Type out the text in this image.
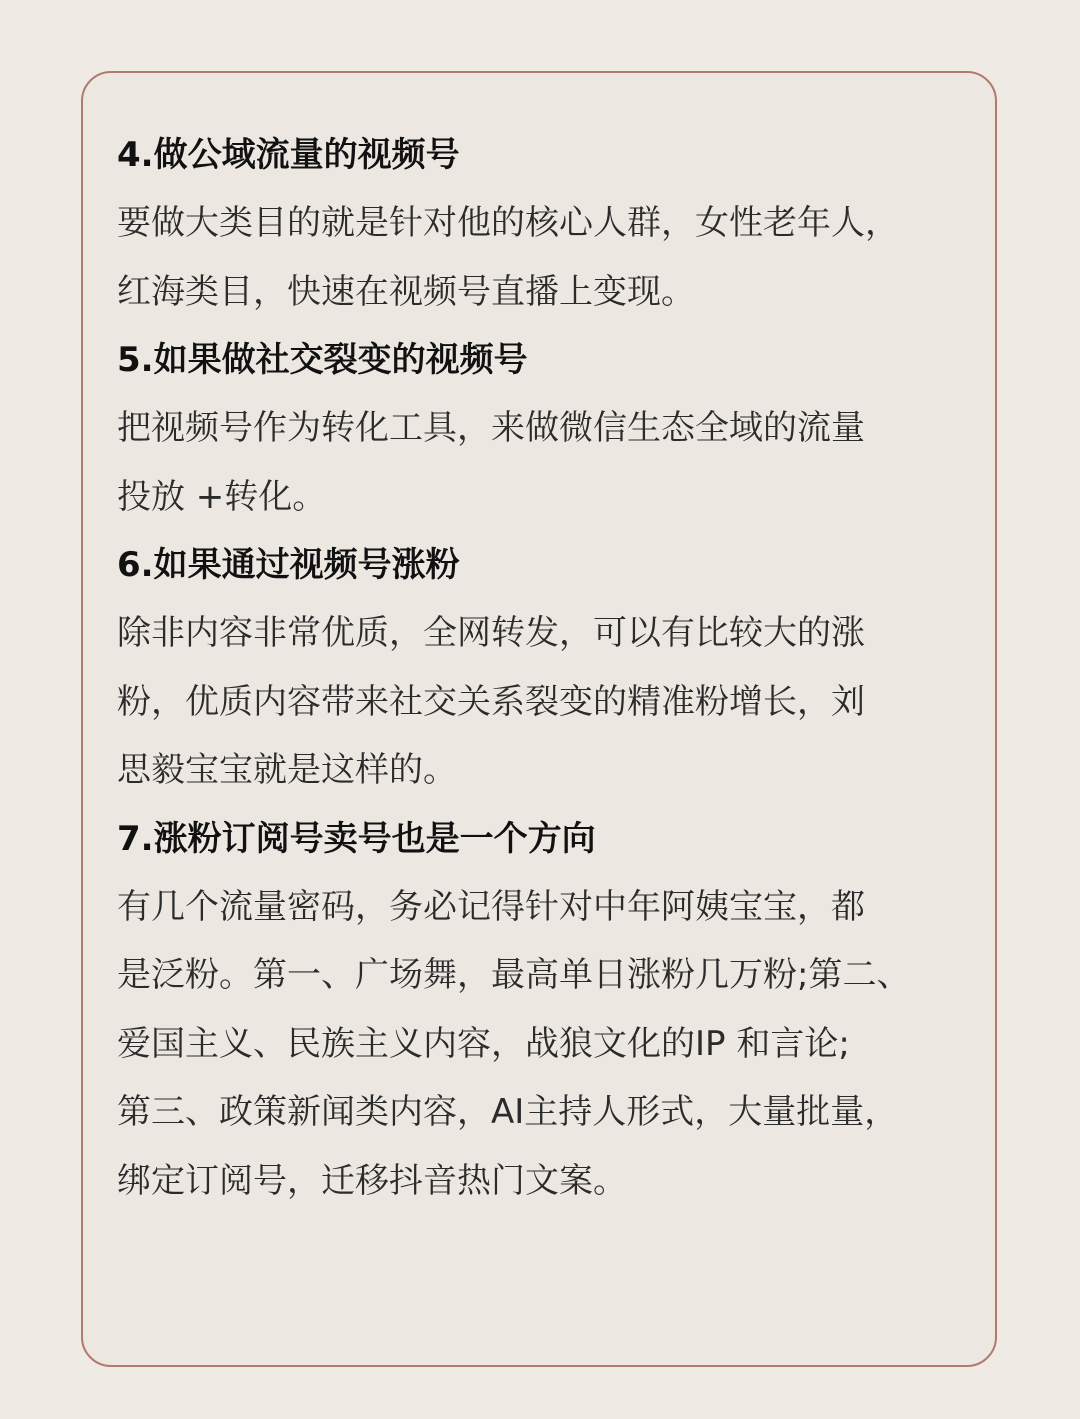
4.做公域流量的视频号
要做大类目的就是针对他的核心人群，女性老年人，
红海类目，快速在视频号直播上变现。
5.如果做社交裂变的视频号
把视频号作为转化工具，来做微信生态全域的流量
投放 +转化。
6.如果通过视频号涨粉
除非内容非常优质，全网转发，可以有比较大的涨
粉，优质内容带来社交关系裂变的精准粉增长，刘
思毅宝宝就是这样的。
7.涨粉订阅号卖号也是一个方向
有几个流量密码，务必记得针对中年阿姨宝宝，都
是泛粉。第一、广场舞，最高单日涨粉几万粉;第二、
爱国主义、民族主义内容，战狼文化的IP 和言论;
第三、政策新闻类内容，AI主持人形式，大量批量，
绑定订阅号，迁移抖音热门文案。
